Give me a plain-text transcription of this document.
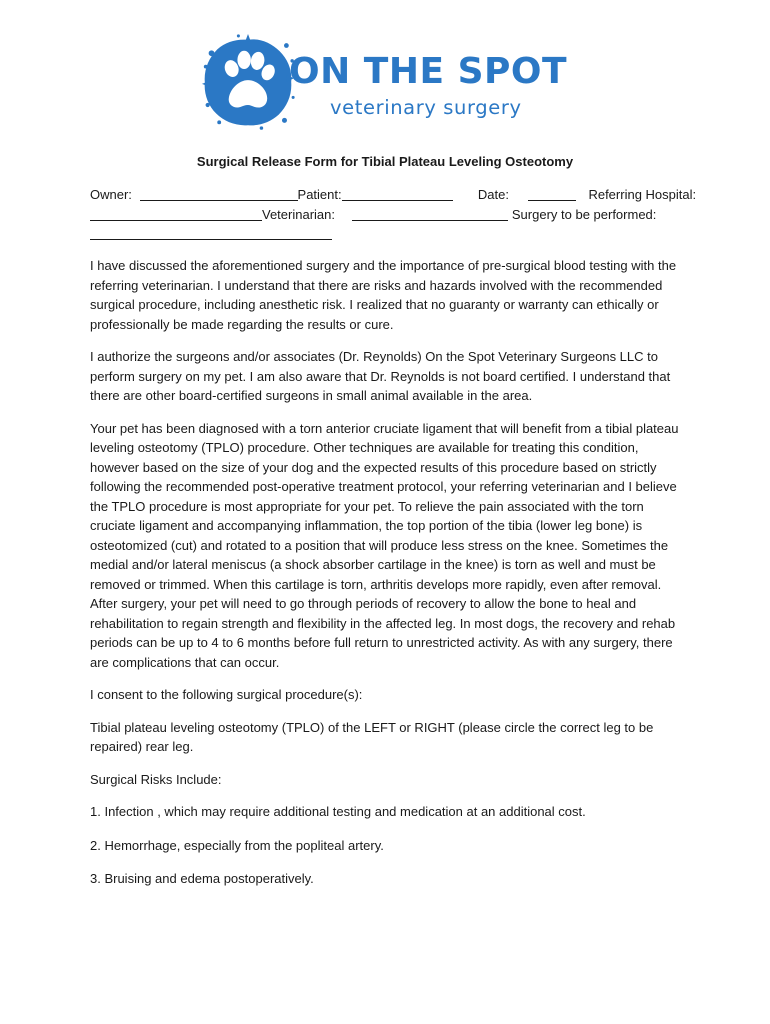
ON THE SPOT
veterinary surgery
Surgical Release Form for Tibial Plateau Leveling Osteotomy
Owner:	Patient:	Date:	Referring Hospital:
Veterinarian:	Surgery to be performed:

I have discussed the aforementioned surgery and the importance of pre-surgical blood testing with the referring veterinarian. I understand that there are risks and hazards involved with the recommended surgical procedure, including anesthetic risk. I realized that no guaranty or warranty can ethically or professionally be made regarding the results or cure.

I authorize the surgeons and/or associates (Dr. Reynolds) On the Spot Veterinary Surgeons LLC to perform surgery on my pet. I am also aware that Dr. Reynolds is not board certified. I understand that there are other board-certified surgeons in small animal available in the area.

Your pet has been diagnosed with a torn anterior cruciate ligament that will benefit from a tibial plateau leveling osteotomy (TPLO) procedure. Other techniques are available for treating this condition, however based on the size of your dog and the expected results of this procedure based on strictly following the recommended post-operative treatment protocol, your referring veterinarian and I believe the TPLO procedure is most appropriate for your pet. To relieve the pain associated with the torn cruciate ligament and accompanying inflammation, the top portion of the tibia (lower leg bone) is osteotomized (cut) and rotated to a position that will produce less stress on the knee. Sometimes the medial and/or lateral meniscus (a shock absorber cartilage in the knee) is torn as well and must be removed or trimmed. When this cartilage is torn, arthritis develops more rapidly, even after removal. After surgery, your pet will need to go through periods of recovery to allow the bone to heal and rehabilitation to regain strength and flexibility in the affected leg. In most dogs, the recovery and rehab periods can be up to 4 to 6 months before full return to unrestricted activity. As with any surgery, there are complications that can occur.

I consent to the following surgical procedure(s):

Tibial plateau leveling osteotomy (TPLO) of the LEFT or RIGHT (please circle the correct leg to be repaired) rear leg.

Surgical Risks Include:

1. Infection , which may require additional testing and medication at an additional cost.

2. Hemorrhage, especially from the popliteal artery.

3. Bruising and edema postoperatively.
